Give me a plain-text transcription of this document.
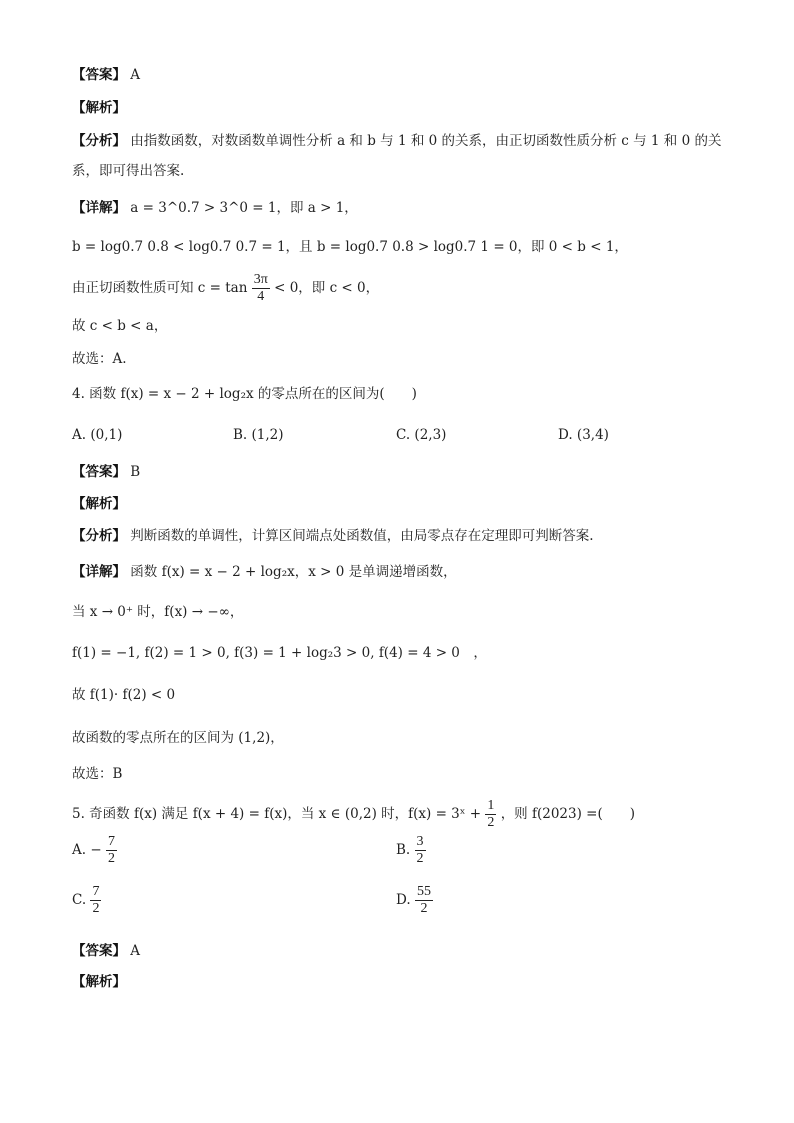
【答案】 A
【解析】
【分析】 由指数函数，对数函数单调性分析 a 和 b 与 1 和 0 的关系，由正切函数性质分析 c 与 1 和 0 的关
系，即可得出答案.
【详解】 a = 3^0.7 > 3^0 = 1，即 a > 1，
b = log0.7 0.8 < log0.7 0.7 = 1，且 b = log0.7 0.8 > log0.7 1 = 0，即 0 < b < 1，
由正切函数性质可知 $c = \tan \frac{3\pi}{4} < 0$，即 c < 0，
故 c < b < a，
故选：A.
4. 函数 f(x) = x − 2 + log₂x 的零点所在的区间为(　　)
A. (0,1)	B. (1,2)	C. (2,3)	D. (3,4)
【答案】 B
【解析】
【分析】 判断函数的单调性，计算区间端点处函数值，由局零点存在定理即可判断答案.
【详解】 函数 f(x) = x − 2 + log₂x，x > 0 是单调递增函数，
当 x → 0⁺ 时，f(x) → −∞，
f(1) = −1, f(2) = 1 > 0, f(3) = 1 + log₂3 > 0, f(4) = 4 > 0　，
故 f(1)· f(2) < 0
故函数的零点所在的区间为 (1,2)，
故选：B
5. 奇函数 f(x) 满足 f(x + 4) = f(x)，当 x ∈ (0,2) 时，f(x) = 3ˣ + $\frac{1}{2}$ ，则 f(2023) =(　　)
A. − $\frac{7}{2}$	B. $\frac{3}{2}$
C. $\frac{7}{2}$	D. $\frac{55}{2}$
【答案】 A
【解析】
